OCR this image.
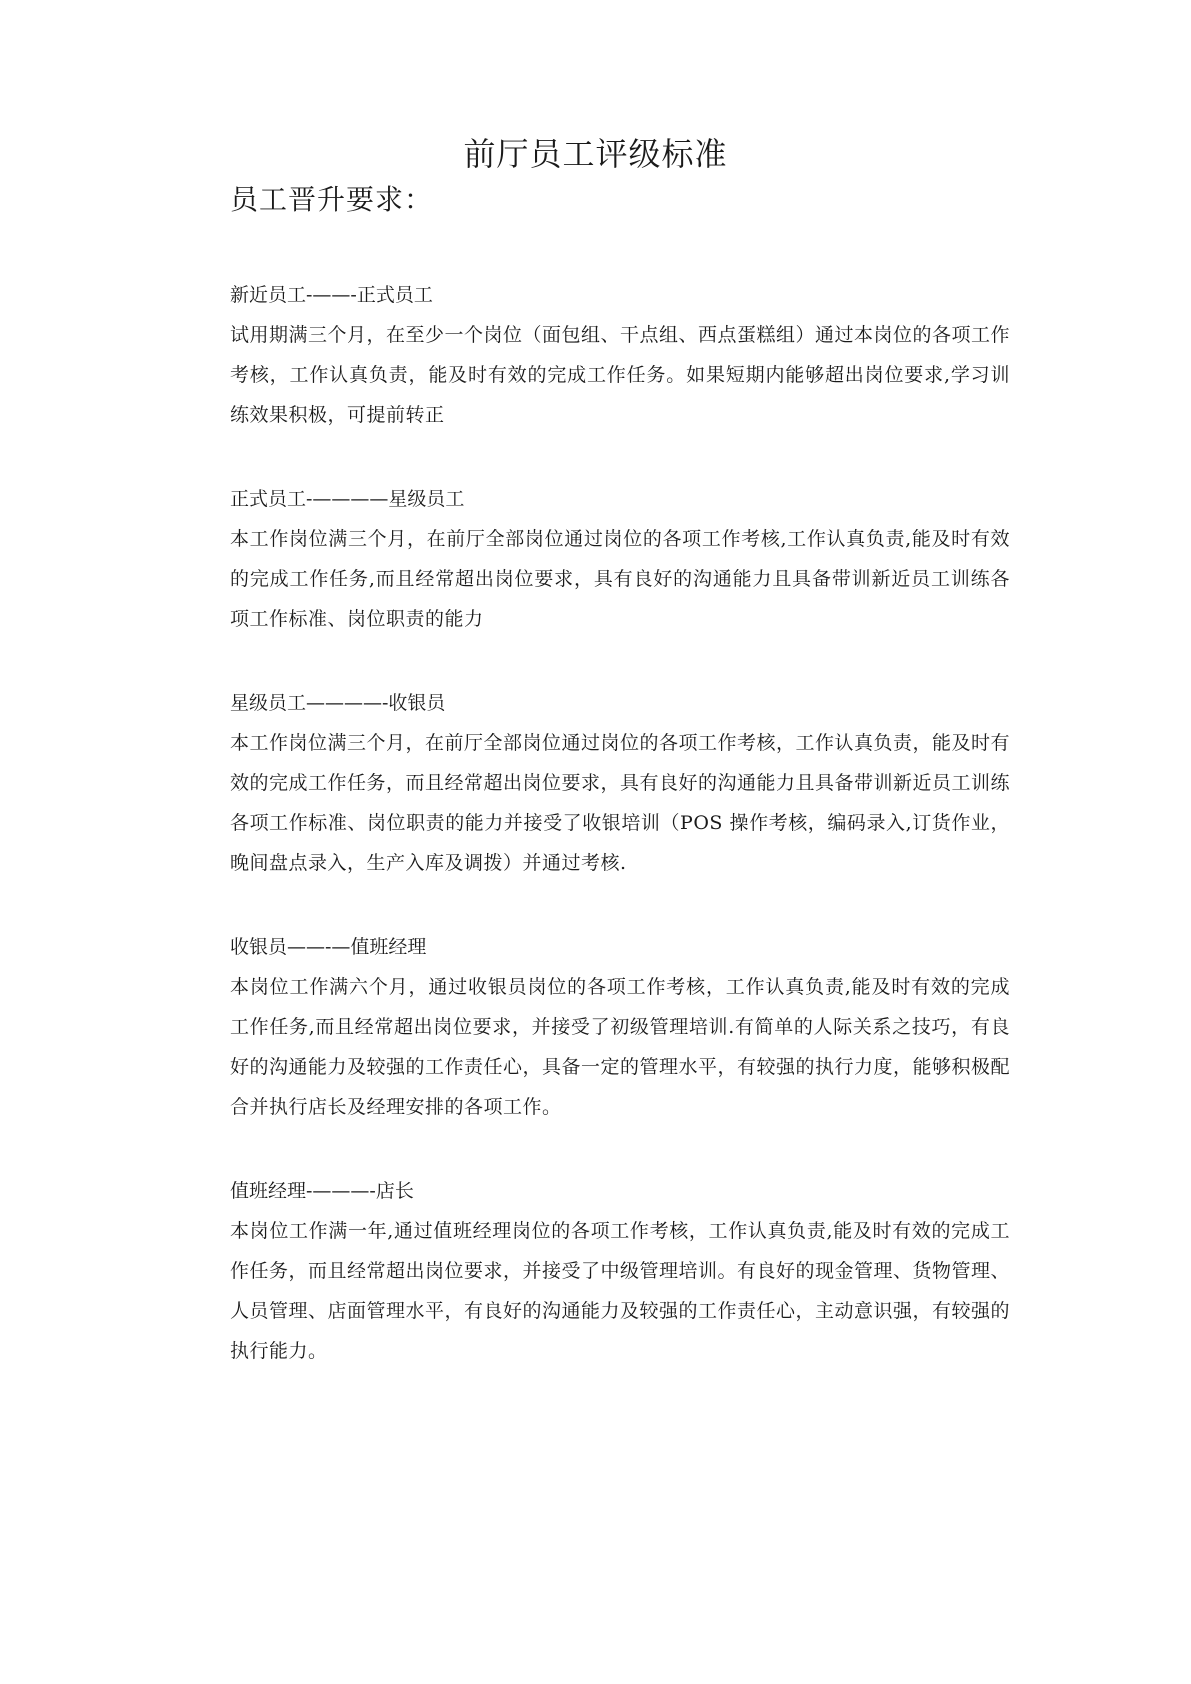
前厅员工评级标准
员工晋升要求：

新近员工-——-正式员工

试用期满三个月，在至少一个岗位（面包组、干点组、西点蛋糕组）通过本岗位的各项工作考核，工作认真负责，能及时有效的完成工作任务。如果短期内能够超出岗位要求,学习训练效果积极，可提前转正

正式员工-————星级员工

本工作岗位满三个月，在前厅全部岗位通过岗位的各项工作考核,工作认真负责,能及时有效的完成工作任务,而且经常超出岗位要求，具有良好的沟通能力且具备带训新近员工训练各项工作标准、岗位职责的能力

星级员工————-收银员

本工作岗位满三个月，在前厅全部岗位通过岗位的各项工作考核，工作认真负责，能及时有效的完成工作任务，而且经常超出岗位要求，具有良好的沟通能力且具备带训新近员工训练各项工作标准、岗位职责的能力并接受了收银培训（POS 操作考核，编码录入,订货作业，晚间盘点录入，生产入库及调拨）并通过考核.

收银员——-—值班经理

本岗位工作满六个月，通过收银员岗位的各项工作考核，工作认真负责,能及时有效的完成工作任务,而且经常超出岗位要求，并接受了初级管理培训.有简单的人际关系之技巧，有良好的沟通能力及较强的工作责任心，具备一定的管理水平，有较强的执行力度，能够积极配合并执行店长及经理安排的各项工作。

值班经理-———-店长

本岗位工作满一年,通过值班经理岗位的各项工作考核，工作认真负责,能及时有效的完成工作任务，而且经常超出岗位要求，并接受了中级管理培训。有良好的现金管理、货物管理、人员管理、店面管理水平，有良好的沟通能力及较强的工作责任心，主动意识强，有较强的执行能力。
